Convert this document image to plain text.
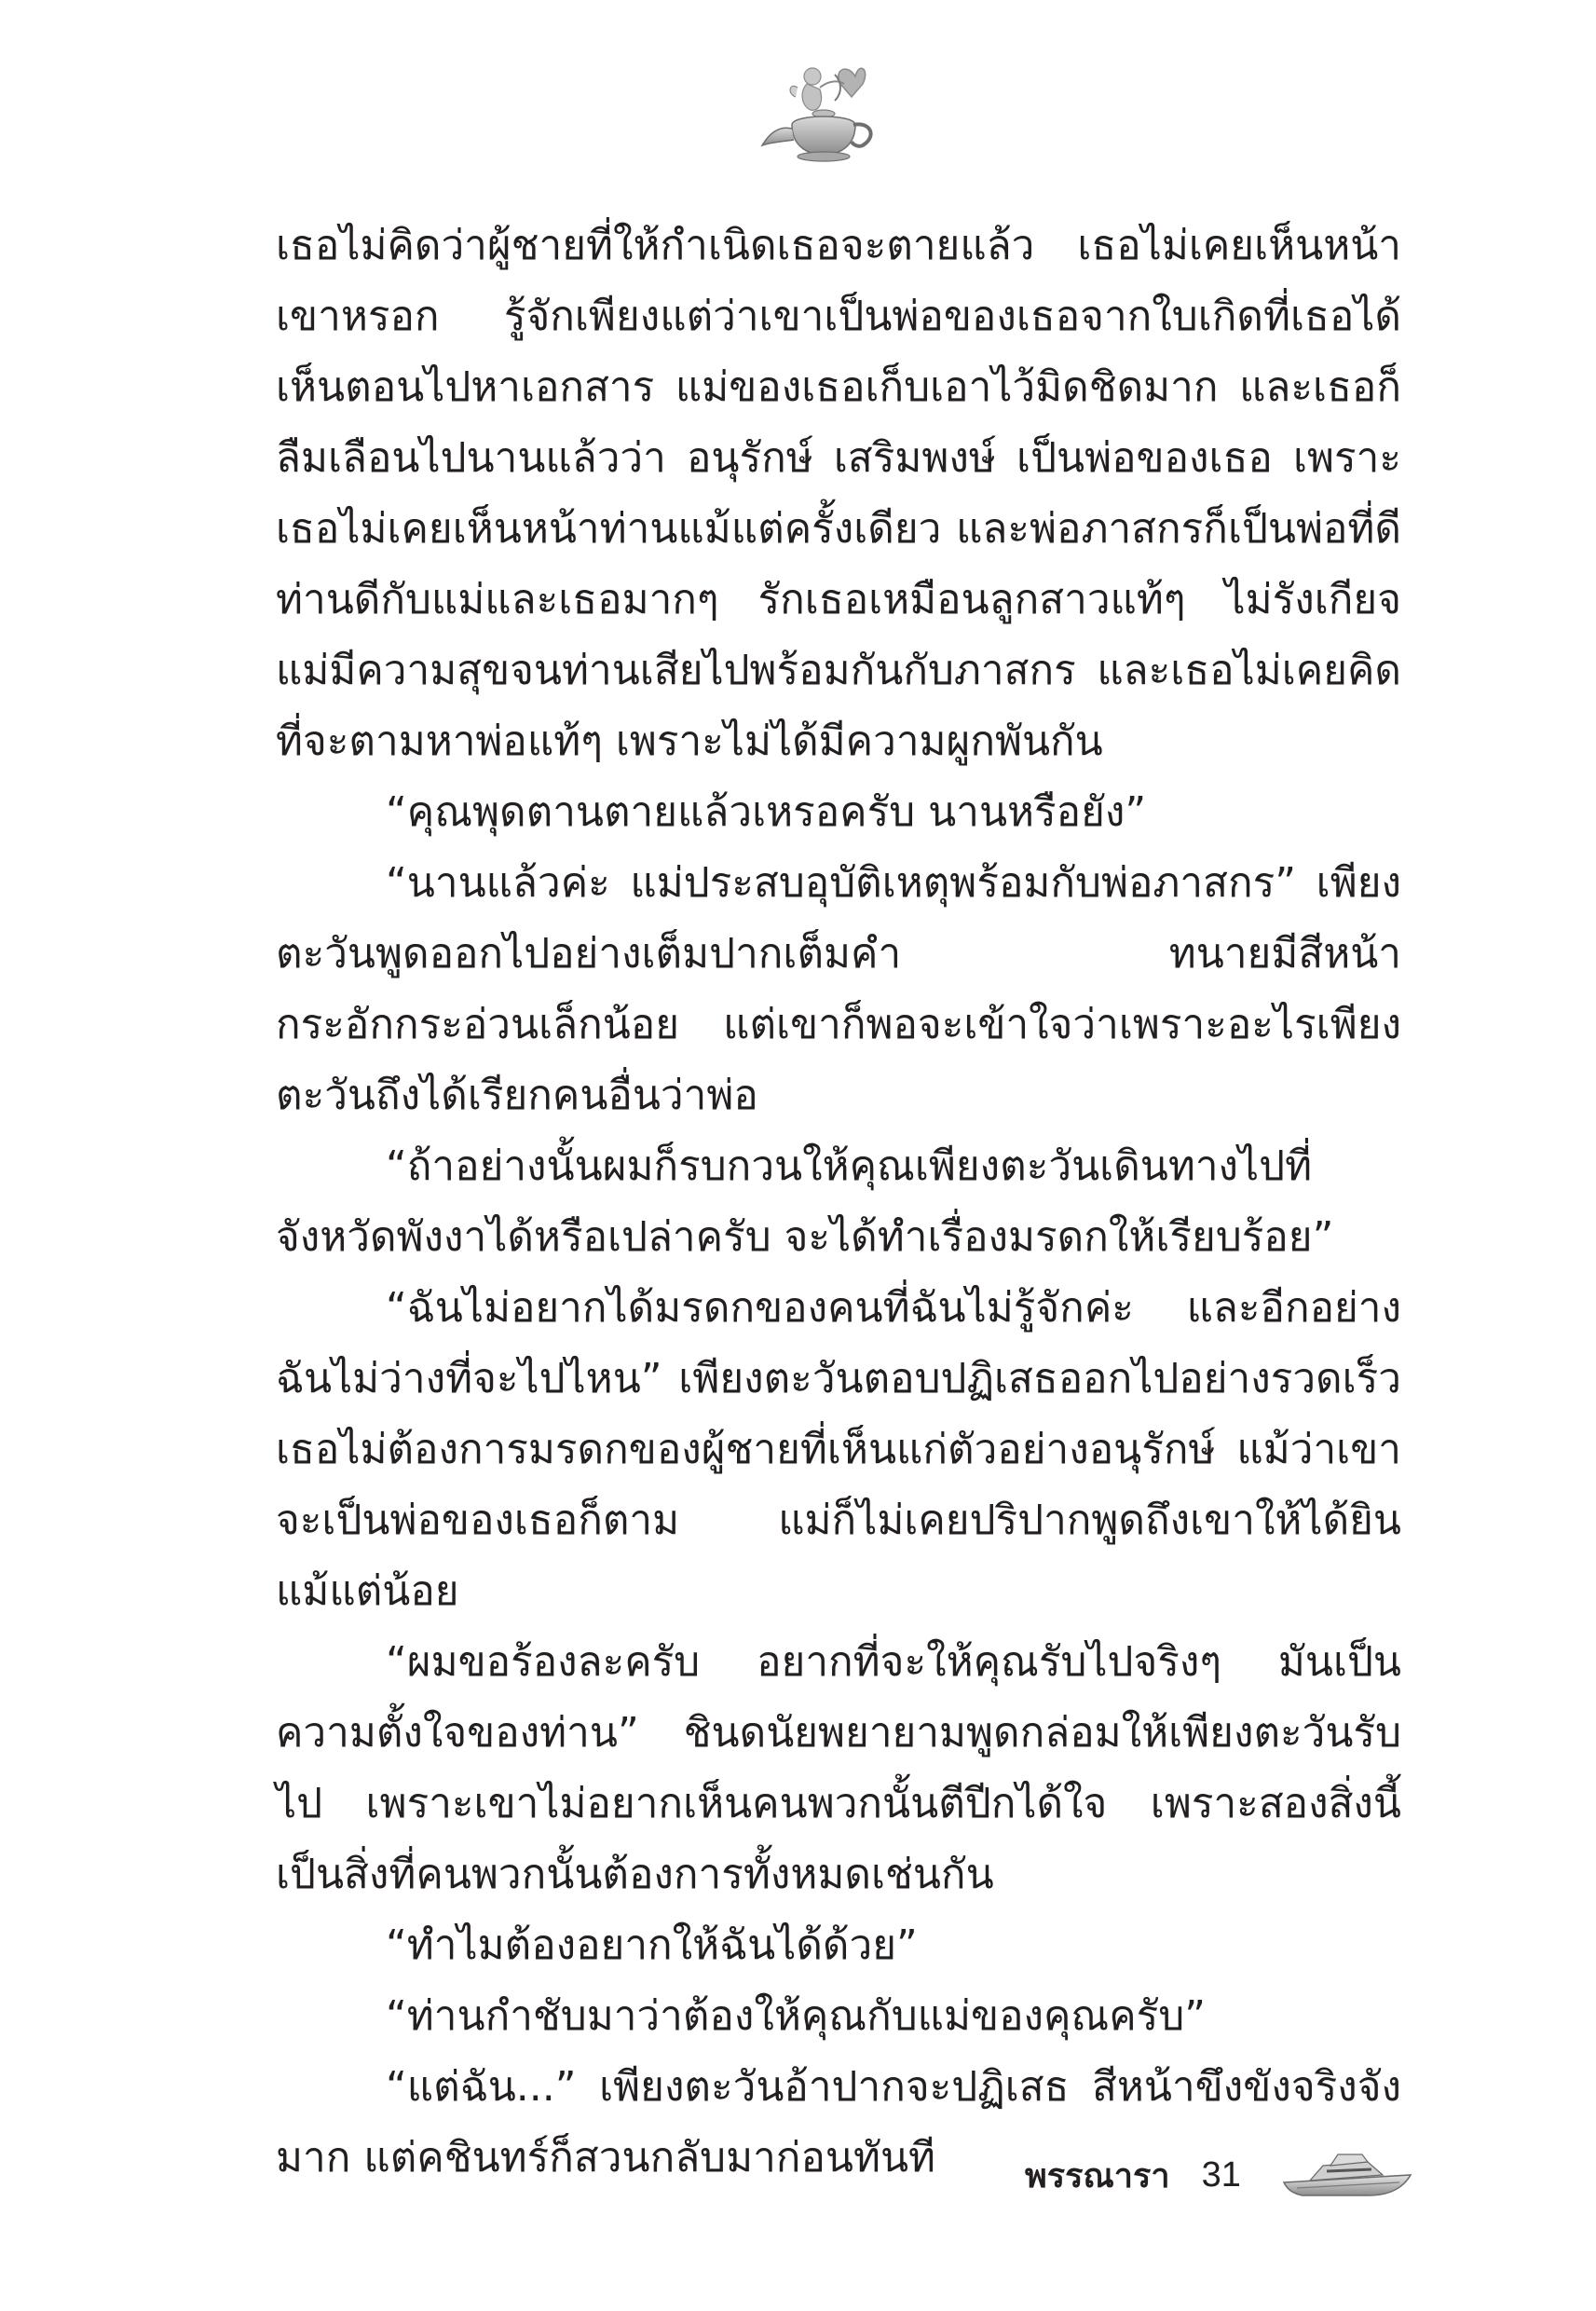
เธอไม่คิดว่าผู้ชายที่ให้กำเนิดเธอจะตายแล้ว เธอไม่เคยเห็นหน้าเขาหรอก รู้จักเพียงแต่ว่าเขาเป็นพ่อของเธอจากใบเกิดที่เธอได้เห็นตอนไปหาเอกสาร แม่ของเธอเก็บเอาไว้มิดชิดมาก และเธอก็ลืมเลือนไปนานแล้วว่า อนุรักษ์ เสริมพงษ์ เป็นพ่อของเธอ เพราะเธอไม่เคยเห็นหน้าท่านแม้แต่ครั้งเดียว และพ่อภาสกรก็เป็นพ่อที่ดี ท่านดีกับแม่และเธอมากๆ รักเธอเหมือนลูกสาวแท้ๆ ไม่รังเกียจ แม่มีความสุขจนท่านเสียไปพร้อมกันกับภาสกร และเธอไม่เคยคิดที่จะตามหาพ่อแท้ๆ เพราะไม่ได้มีความผูกพันกัน

“คุณพุดตานตายแล้วเหรอครับ นานหรือยัง”

“นานแล้วค่ะ แม่ประสบอุบัติเหตุพร้อมกับพ่อภาสกร” เพียงตะวันพูดออกไปอย่างเต็มปากเต็มคำ ทนายมีสีหน้ากระอักกระอ่วนเล็กน้อย แต่เขาก็พอจะเข้าใจว่าเพราะอะไรเพียงตะวันถึงได้เรียกคนอื่นว่าพ่อ

“ถ้าอย่างนั้นผมก็รบกวนให้คุณเพียงตะวันเดินทางไปที่จังหวัดพังงาได้หรือเปล่าครับ จะได้ทำเรื่องมรดกให้เรียบร้อย”

“ฉันไม่อยากได้มรดกของคนที่ฉันไม่รู้จักค่ะ และอีกอย่าง ฉันไม่ว่างที่จะไปไหน” เพียงตะวันตอบปฏิเสธออกไปอย่างรวดเร็ว เธอไม่ต้องการมรดกของผู้ชายที่เห็นแก่ตัวอย่างอนุรักษ์ แม้ว่าเขาจะเป็นพ่อของเธอก็ตาม แม่ก็ไม่เคยปริปากพูดถึงเขาให้ได้ยินแม้แต่น้อย

“ผมขอร้องละครับ อยากที่จะให้คุณรับไปจริงๆ มันเป็นความตั้งใจของท่าน” ชินดนัยพยายามพูดกล่อมให้เพียงตะวันรับไป เพราะเขาไม่อยากเห็นคนพวกนั้นตีปีกได้ใจ เพราะสองสิ่งนี้เป็นสิ่งที่คนพวกนั้นต้องการทั้งหมดเช่นกัน

“ทำไมต้องอยากให้ฉันได้ด้วย”

“ท่านกำชับมาว่าต้องให้คุณกับแม่ของคุณครับ”

“แต่ฉัน...” เพียงตะวันอ้าปากจะปฏิเสธ สีหน้าขึงขังจริงจังมาก แต่คชินทร์ก็สวนกลับมาก่อนทันที	พรรณารา 31
